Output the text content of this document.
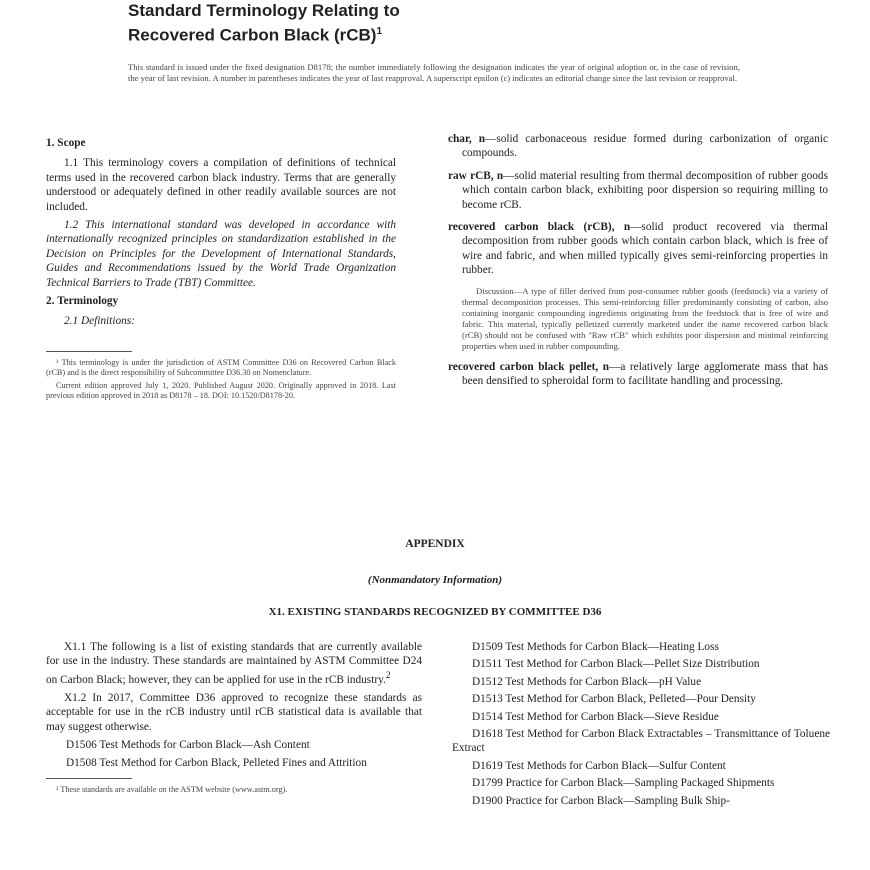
Standard Terminology Relating to
Recovered Carbon Black (rCB)$^1$
This standard is issued under the fixed designation D8178; the number immediately following the designation indicates the year of original adoption or, in the case of revision, the year of last revision. A number in parentheses indicates the year of last reapproval. A superscript epsilon (ε) indicates an editorial change since the last revision or reapproval.
1. Scope

1.1 This terminology covers a compilation of definitions of technical terms used in the recovered carbon black industry. Terms that are generally understood or adequately defined in other readily available sources are not included.

1.2 This international standard was developed in accordance with internationally recognized principles on standardization established in the Decision on Principles for the Development of International Standards, Guides and Recommendations issued by the World Trade Organization Technical Barriers to Trade (TBT) Committee.

2. Terminology

2.1 Definitions:

¹ This terminology is under the jurisdiction of ASTM Committee D36 on Recovered Carbon Black (rCB) and is the direct responsibility of Subcommittee D36.30 on Nomenclature.
Current edition approved July 1, 2020. Published August 2020. Originally approved in 2018. Last previous edition approved in 2018 as D8178 – 18. DOI: 10.1520/D8178-20.

char, n—solid carbonaceous residue formed during carbonization of organic compounds.

raw rCB, n—solid material resulting from thermal decomposition of rubber goods which contain carbon black, exhibiting poor dispersion so requiring milling to become rCB.

recovered carbon black (rCB), n—solid product recovered via thermal decomposition from rubber goods which contain carbon black, which is free of wire and fabric, and when milled typically gives semi-reinforcing properties in rubber.

Discussion—A type of filler derived from post-consumer rubber goods (feedstock) via a variety of thermal decomposition processes. This semi-reinforcing filler predominantly consisting of carbon, also containing inorganic compounding ingredients originating from the feedstock that is free of wire and fabric. This material, typically pelletized currently marketed under the name recovered carbon black (rCB) should not be confused with "Raw rCB" which exhibits poor dispersion and minimal reinforcing properties when used in rubber compounding.

recovered carbon black pellet, n—a relatively large agglomerate mass that has been densified to spheroidal form to facilitate handling and processing.

APPENDIX
(Nonmandatory Information)
X1. EXISTING STANDARDS RECOGNIZED BY COMMITTEE D36

X1.1 The following is a list of existing standards that are currently available for use in the industry. These standards are maintained by ASTM Committee D24 on Carbon Black; however, they can be applied for use in the rCB industry.$^2$

X1.2 In 2017, Committee D36 approved to recognize these standards as acceptable for use in the rCB industry until rCB statistical data is available that may suggest otherwise.

D1506 Test Methods for Carbon Black—Ash Content

D1508 Test Method for Carbon Black, Pelleted Fines and Attrition

² These standards are available on the ASTM website (www.astm.org).

D1509 Test Methods for Carbon Black—Heating Loss

D1511 Test Method for Carbon Black—Pellet Size Distribution

D1512 Test Methods for Carbon Black—pH Value

D1513 Test Method for Carbon Black, Pelleted—Pour Density

D1514 Test Method for Carbon Black—Sieve Residue

D1618 Test Method for Carbon Black Extractables – Transmittance of Toluene Extract

D1619 Test Methods for Carbon Black—Sulfur Content

D1799 Practice for Carbon Black—Sampling Packaged Shipments

D1900 Practice for Carbon Black—Sampling Bulk Ship-
